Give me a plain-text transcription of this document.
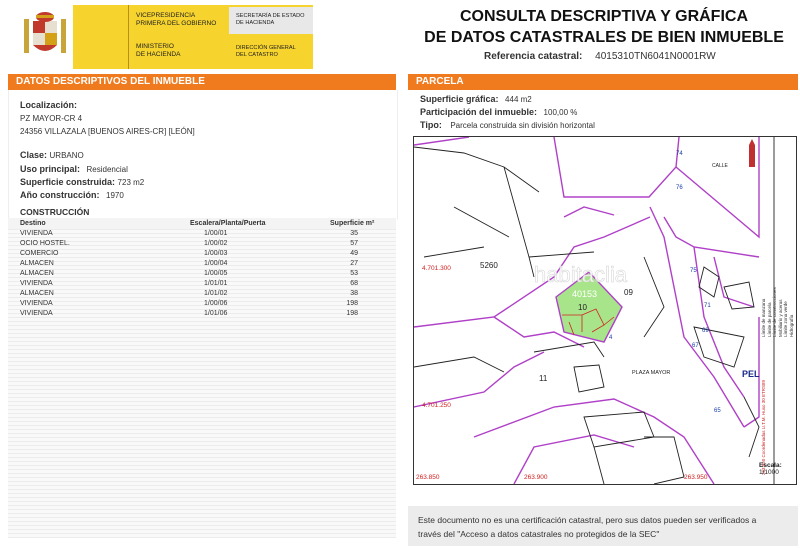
VICEPRESIDENCIA
PRIMERA DEL GOBIERNO
MINISTERIO
DE HACIENDA
SECRETARÍA DE ESTADO
DE HACIENDA
DIRECCIÓN GENERAL
DEL CATASTRO
CONSULTA DESCRIPTIVA Y GRÁFICA
DE DATOS CATASTRALES DE BIEN INMUEBLE
Referencia catastral: 4015310TN6041N0001RW
DATOS DESCRIPTIVOS DEL INMUEBLE
Localización:
PZ MAYOR-CR 4
24356 VILLAZALA [BUENOS AIRES-CR] [LEÓN]
Clase: URBANO
Uso principal: Residencial
Superficie construida: 723 m2
Año construcción: 1970
CONSTRUCCIÓN
Destino	Escalera/Planta/Puerta	Superficie m²
VIVIENDA	1/00/01	35
OCIO HOSTEL.	1/00/02	57
COMERCIO	1/00/03	49
ALMACEN	1/00/04	27
ALMACEN	1/00/05	53
VIVIENDA	1/01/01	68
ALMACEN	1/01/02	38
VIVIENDA	1/00/06	198
VIVIENDA	1/01/06	198
PARCELA
Superficie gráfica: 444 m2
Participación del inmueble: 100,00 %
Tipo: Parcela construida sin división horizontal
4.701.300
4.701.250
263.850	263.900	263.950
5260
09
11
10
PLAZA MAYOR	PEL
CALLE
40153
habitaclia
74
76
75
71
69
67
65
4
Límite de manzana Límite de parcela Límite de construcciones Mobiliario y aceras Límite zona verde Hidrografía
263,950 Coordenadas U.T.M. Huso 30 ETRS89
Escala:
1/1000
Este documento no es una certificación catastral, pero sus datos pueden ser verificados a
través del "Acceso a datos catastrales no protegidos de la SEC"
